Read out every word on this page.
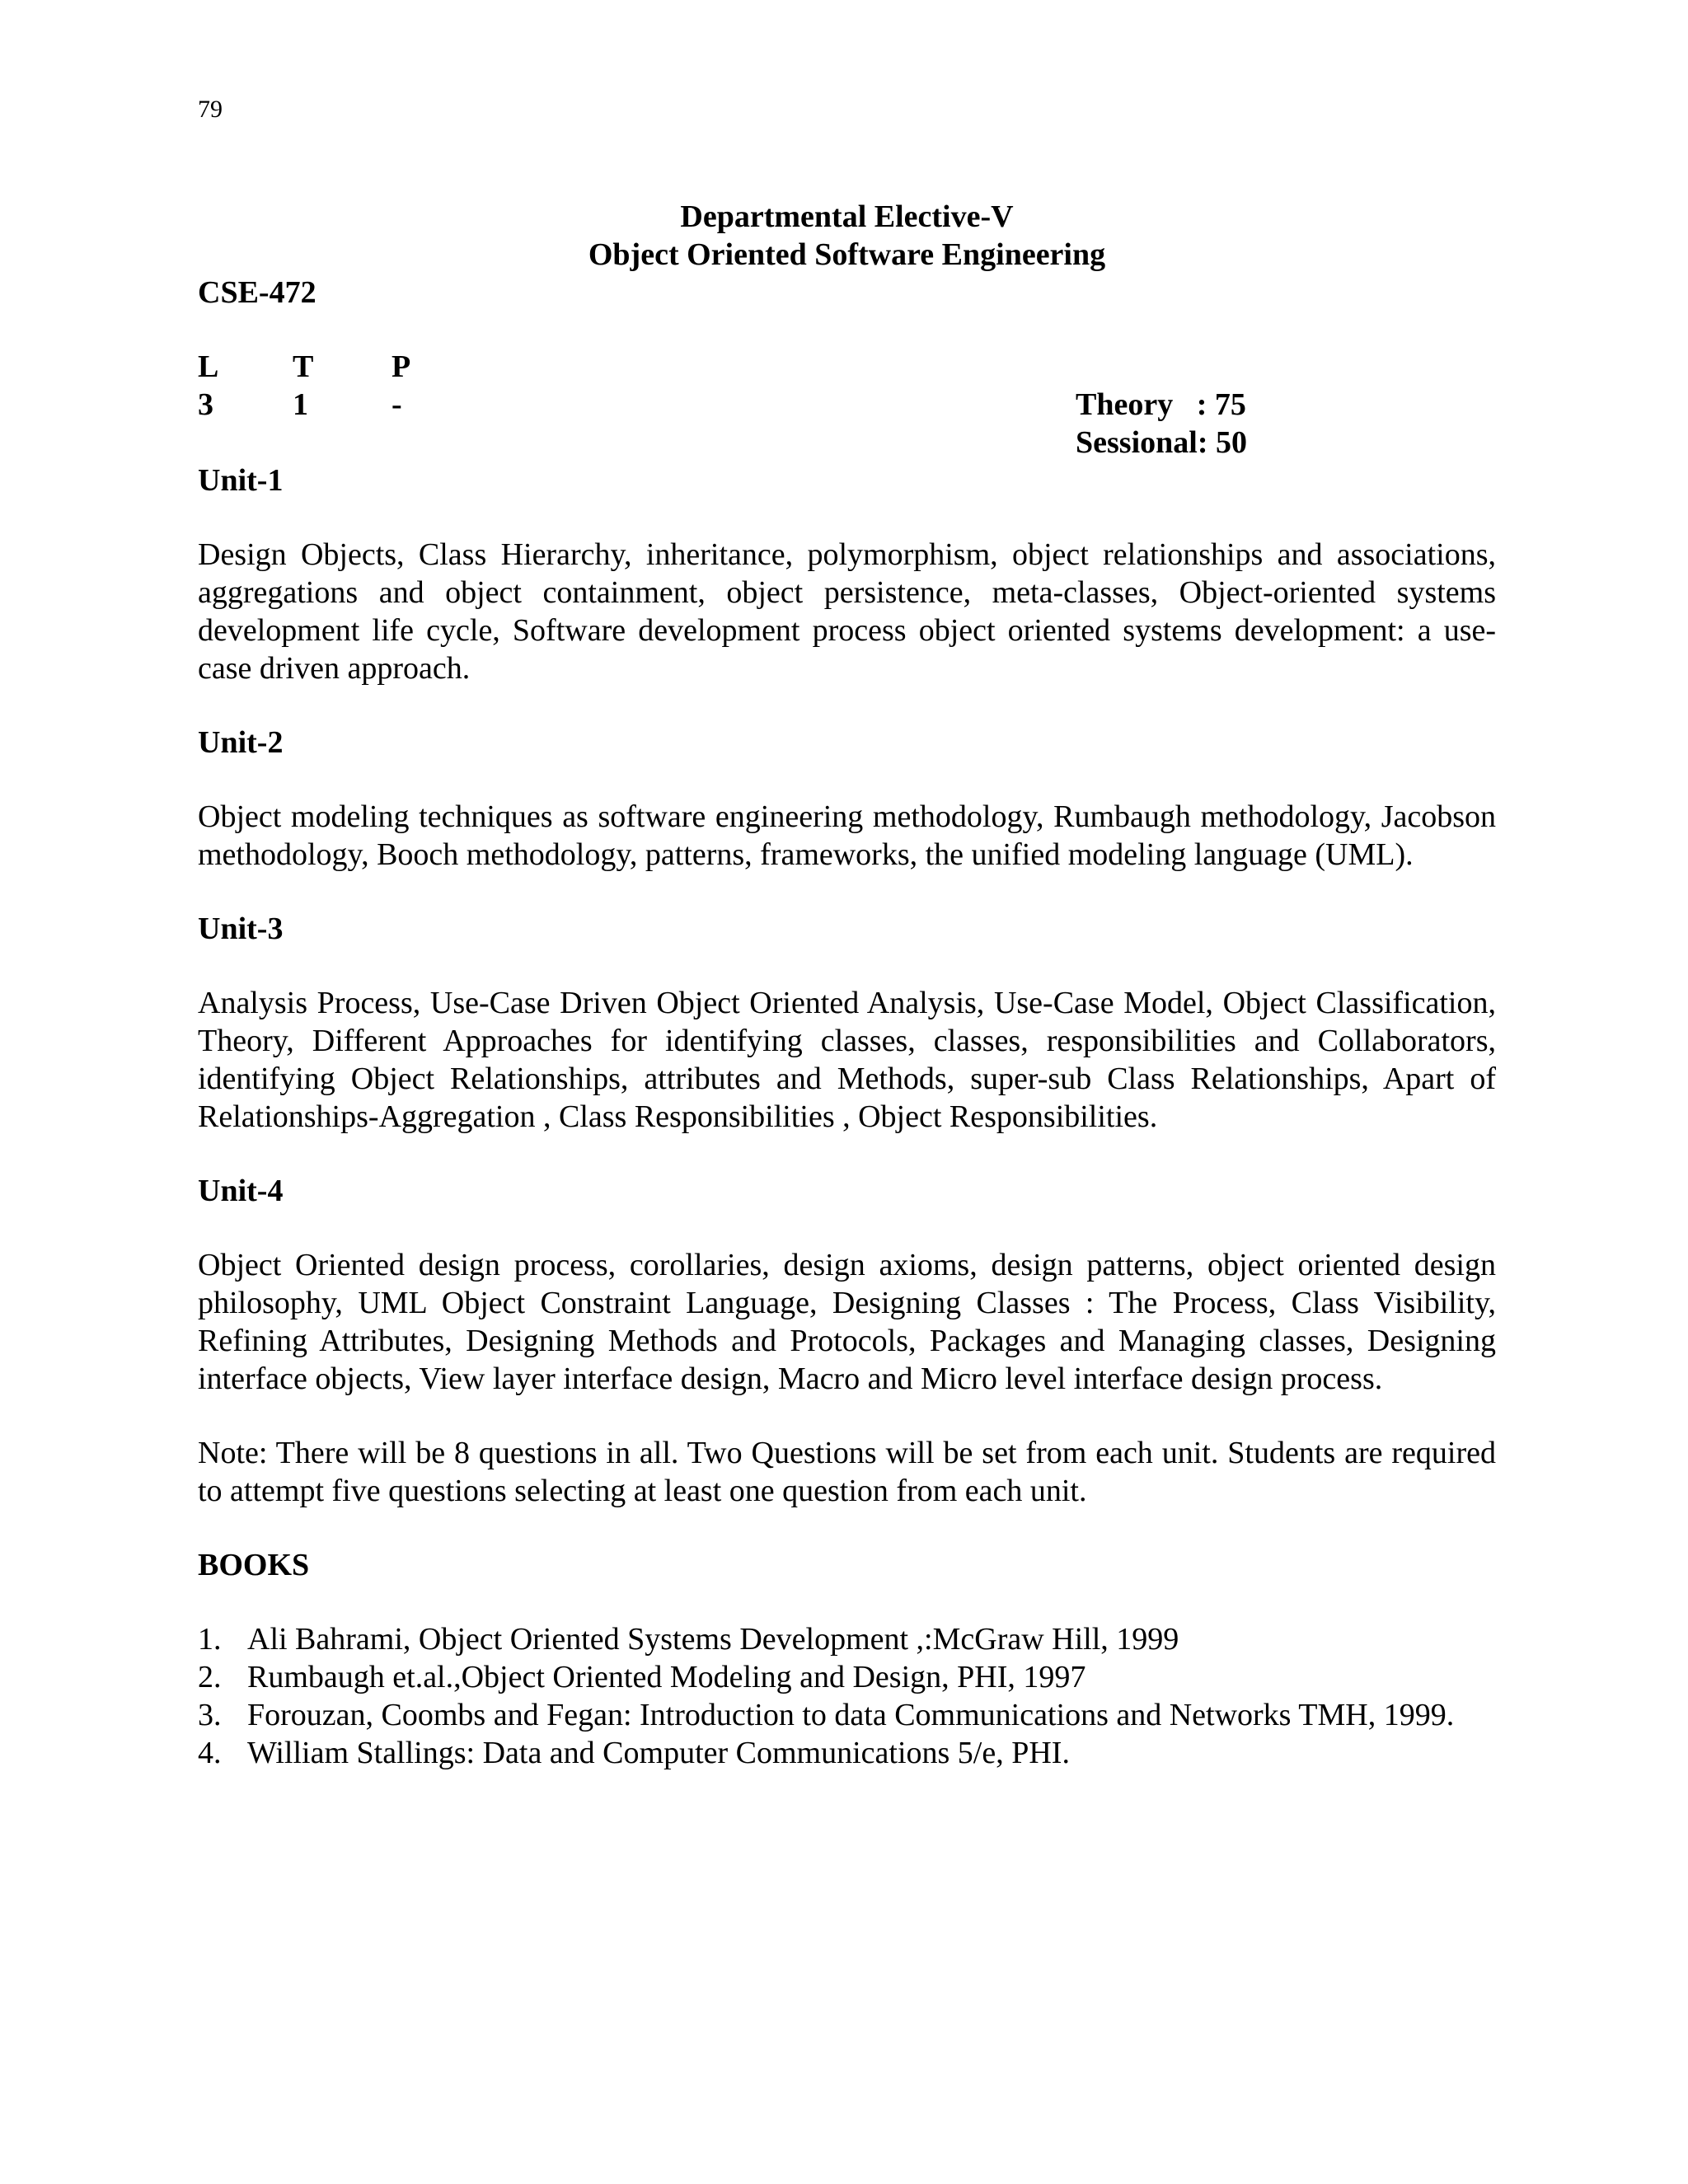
79
Departmental Elective-V
Object Oriented Software Engineering
CSE-472
L T P
3	1	-	Theory   : 75
Sessional: 50
Unit-1
Design Objects, Class Hierarchy, inheritance, polymorphism, object relationships and associations, aggregations and object containment, object persistence, meta-classes, Object-oriented systems development life cycle, Software development process object oriented systems development: a use-case driven approach.
Unit-2
Object modeling techniques as software engineering methodology, Rumbaugh methodology, Jacobson methodology, Booch methodology, patterns, frameworks, the unified modeling language (UML).
Unit-3
Analysis Process, Use-Case Driven Object Oriented Analysis, Use-Case Model, Object Classification, Theory, Different Approaches for identifying classes, classes, responsibilities and Collaborators, identifying Object Relationships, attributes and Methods, super-sub Class Relationships, Apart of Relationships-Aggregation , Class Responsibilities , Object Responsibilities.
Unit-4
Object Oriented design process, corollaries, design axioms, design patterns, object oriented design philosophy, UML Object Constraint Language, Designing Classes : The Process, Class Visibility, Refining Attributes, Designing Methods and Protocols, Packages and Managing classes, Designing interface objects, View layer interface design, Macro and Micro level interface design process.
Note: There will be 8 questions in all. Two Questions will be set from each unit. Students are required to attempt five questions selecting at least one question from each unit.
BOOKS
1. Ali Bahrami, Object Oriented Systems Development ,:McGraw Hill, 1999
2. Rumbaugh et.al.,Object Oriented Modeling and Design, PHI, 1997
3. Forouzan, Coombs and Fegan: Introduction to data Communications and Networks TMH, 1999.
4. William Stallings: Data and Computer Communications 5/e, PHI.
